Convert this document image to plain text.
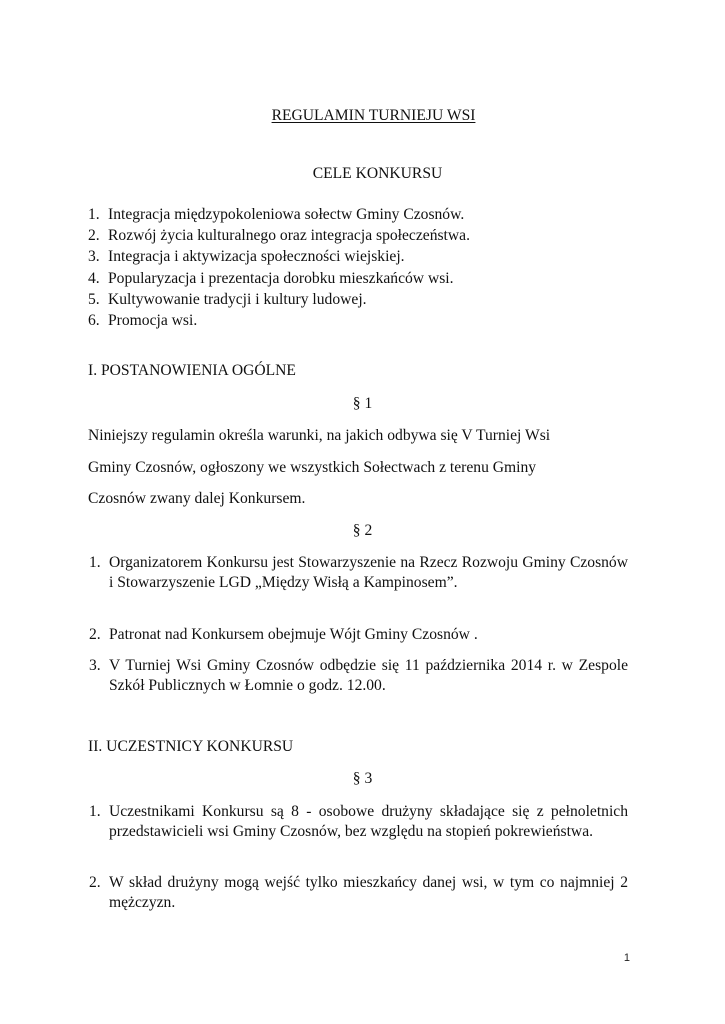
REGULAMIN TURNIEJU WSI
CELE KONKURSU
1. Integracja międzypokoleniowa sołectw Gminy Czosnów.
2. Rozwój życia kulturalnego oraz integracja społeczeństwa.
3. Integracja i aktywizacja społeczności wiejskiej.
4. Popularyzacja i prezentacja dorobku mieszkańców wsi.
5. Kultywowanie tradycji i kultury ludowej.
6. Promocja wsi.
I. POSTANOWIENIA OGÓLNE

§ 1

Niniejszy regulamin określa warunki, na jakich odbywa się V Turniej Wsi

Gminy Czosnów, ogłoszony we wszystkich Sołectwach z terenu Gminy

Czosnów zwany dalej Konkursem.

§ 2

1. Organizatorem Konkursu jest Stowarzyszenie na Rzecz Rozwoju Gminy Czosnów i Stowarzyszenie LGD „Między Wisłą a Kampinosem”.
2. Patronat nad Konkursem obejmuje Wójt Gminy Czosnów .
3. V Turniej Wsi Gminy Czosnów odbędzie się 11 października 2014 r. w Zespole Szkół Publicznych w Łomnie o godz. 12.00.
II. UCZESTNICY KONKURSU

§ 3

1. Uczestnikami Konkursu są 8 - osobowe drużyny składające się z pełnoletnich przedstawicieli wsi Gminy Czosnów, bez względu na stopień pokrewieństwa.
2. W skład drużyny mogą wejść tylko mieszkańcy danej wsi, w tym co najmniej 2 mężczyzn.
1
